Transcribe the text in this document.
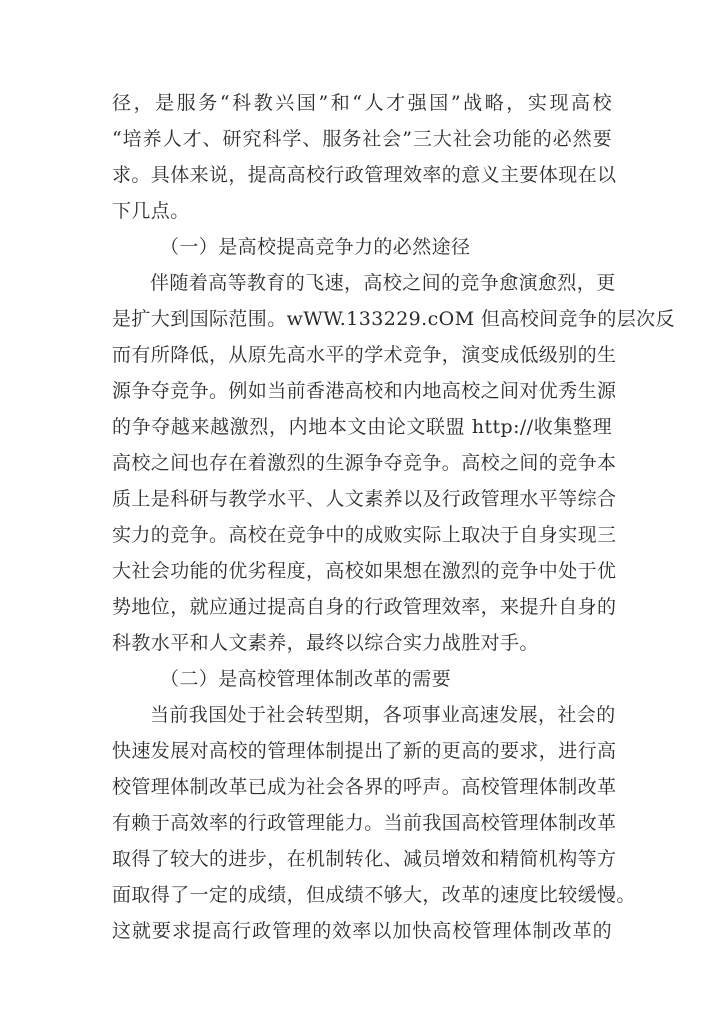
径，是服务“科教兴国”和“人才强国”战略，实现高校
“培养人才、研究科学、服务社会”三大社会功能的必然要
求。具体来说，提高高校行政管理效率的意义主要体现在以
下几点。
（一）是高校提高竞争力的必然途径
伴随着高等教育的飞速，高校之间的竞争愈演愈烈，更
是扩大到国际范围。wWW.133229.cOM 但高校间竞争的层次反
而有所降低，从原先高水平的学术竞争，演变成低级别的生
源争夺竞争。例如当前香港高校和内地高校之间对优秀生源
的争夺越来越激烈，内地本文由论文联盟 http://收集整理
高校之间也存在着激烈的生源争夺竞争。高校之间的竞争本
质上是科研与教学水平、人文素养以及行政管理水平等综合
实力的竞争。高校在竞争中的成败实际上取决于自身实现三
大社会功能的优劣程度，高校如果想在激烈的竞争中处于优
势地位，就应通过提高自身的行政管理效率，来提升自身的
科教水平和人文素养，最终以综合实力战胜对手。
（二）是高校管理体制改革的需要
当前我国处于社会转型期，各项事业高速发展，社会的
快速发展对高校的管理体制提出了新的更高的要求，进行高
校管理体制改革已成为社会各界的呼声。高校管理体制改革
有赖于高效率的行政管理能力。当前我国高校管理体制改革
取得了较大的进步，在机制转化、减员增效和精简机构等方
面取得了一定的成绩，但成绩不够大，改革的速度比较缓慢。
这就要求提高行政管理的效率以加快高校管理体制改革的
